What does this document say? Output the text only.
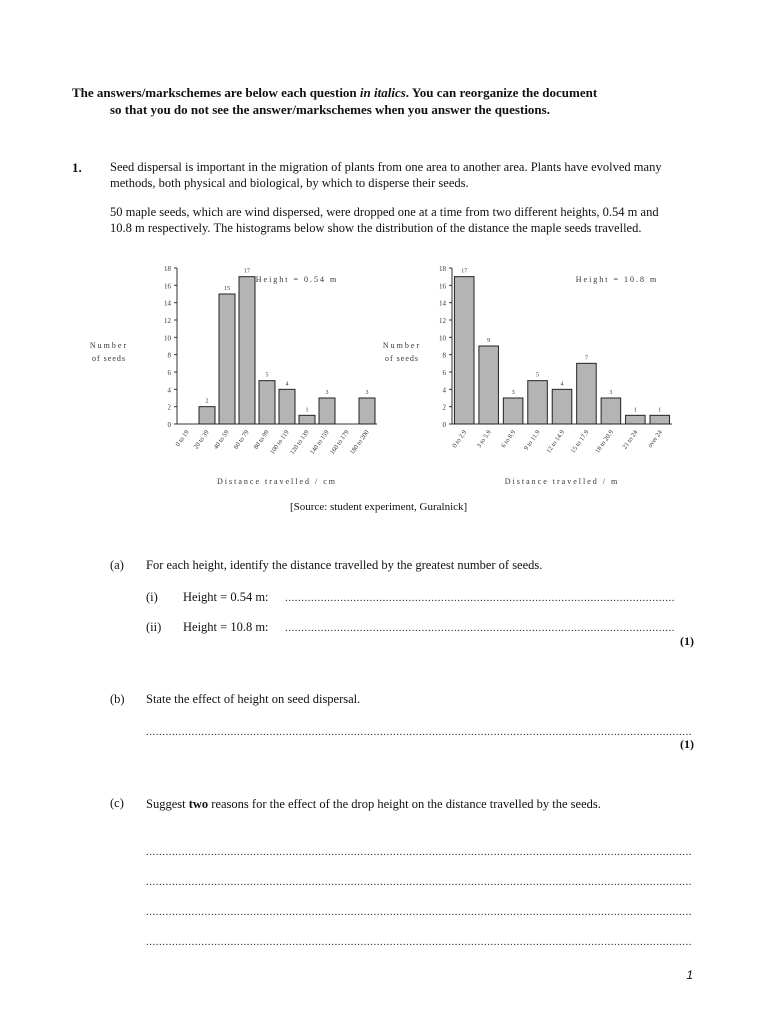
The answers/markschemes are below each question in italics. You can reorganize the document
so that you do not see the answer/markschemes when you answer the questions.
1. Seed dispersal is important in the migration of plants from one area to another area. Plants have evolved many methods, both physical and biological, by which to disperse their seeds.
50 maple seeds, which are wind dispersed, were dropped one at a time from two different heights, 0.54 m and 10.8 m respectively. The histograms below show the distribution of the distance the maple seeds travelled.
0
2
4
6
8
10
12
14
16
18
0 to 19
2
20 to 39
15
40 to 59
17
60 to 79
5
80 to 99
4
100 to 119
1
120 to 139
3
140 to 159
160 to 179
3
180 to 200
Height = 0.54 m
Number
of seeds
Distance travelled / cm
0
2
4
6
8
10
12
14
16
18	17
0 to 2.9
9
3 to 5.9
3
6 to 8.9
5
9 to 11.9
4
12 to 14.9
7
15 to 17.9
3
18 to 20.9
1
21 to 24
1
over 24
Height = 10.8 m
Number
of seeds
Distance travelled / m
[Source: student experiment, Guralnick]
(a) For each height, identify the distance travelled by the greatest number of seeds.
(i) Height = 0.54 m: ........................................................................................................................
(ii) Height = 10.8 m: ........................................................................................................................
(1)
(b) State the effect of height on seed dispersal.
........................................................................................................................................................................
(1)
(c) Suggest two reasons for the effect of the drop height on the distance travelled by the seeds.
........................................................................................................................................................................
........................................................................................................................................................................
........................................................................................................................................................................
........................................................................................................................................................................
1
